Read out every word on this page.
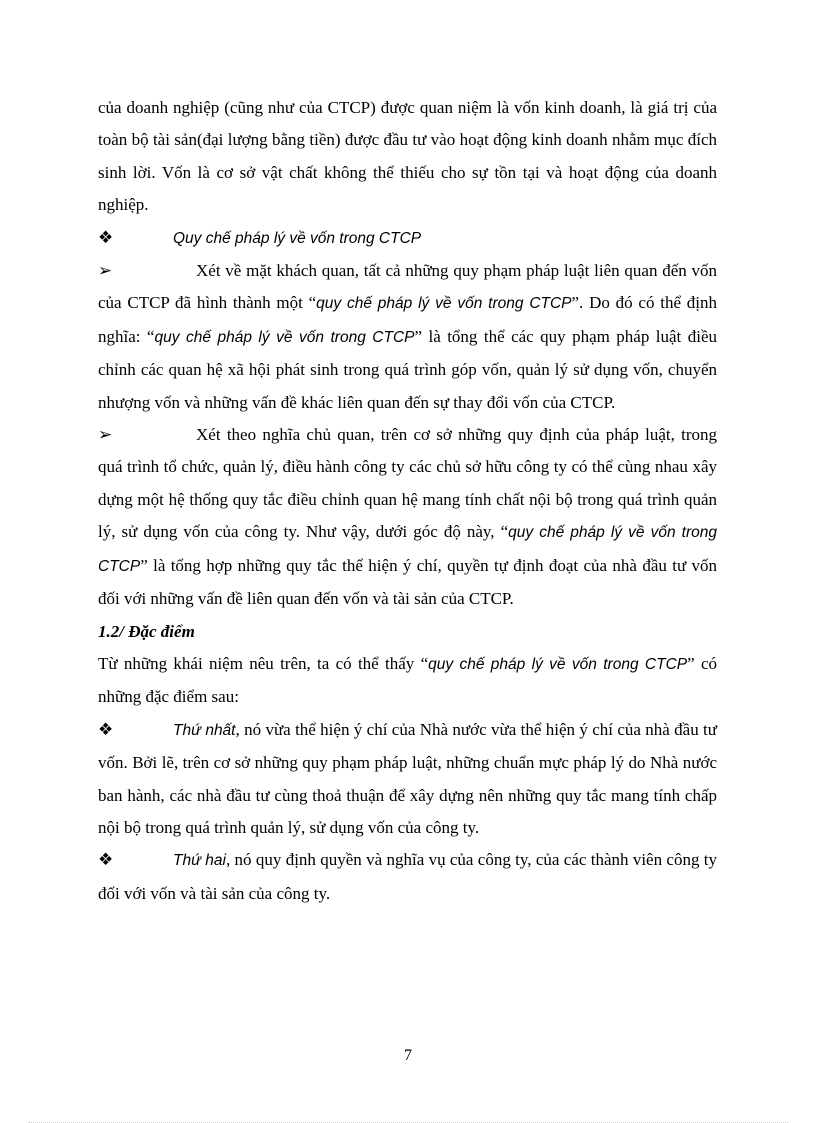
của doanh nghiệp (cũng như của CTCP) được quan niệm là vốn kinh doanh, là giá trị của toàn bộ tài sản(đại lượng bằng tiền) được đầu tư vào hoạt động kinh doanh nhằm mục đích sinh lời. Vốn là cơ sở vật chất không thể thiếu cho sự tồn tại và hoạt động của doanh nghiệp.

❖	Quy chế pháp lý về vốn trong CTCP

➢	Xét về mặt khách quan, tất cả những quy phạm pháp luật liên quan đến vốn của CTCP đã hình thành một “quy chế pháp lý về vốn trong CTCP”. Do đó có thể định nghĩa: “quy chế pháp lý về vốn trong CTCP” là tổng thể các quy phạm pháp luật điều chỉnh các quan hệ xã hội phát sinh trong quá trình góp vốn, quản lý sử dụng vốn, chuyển nhượng vốn và những vấn đề khác liên quan đến sự thay đổi vốn của CTCP.

➢	Xét theo nghĩa chủ quan, trên cơ sở những quy định của pháp luật, trong quá trình tổ chức, quản lý, điều hành công ty các chủ sở hữu công ty có thể cùng nhau xây dựng một hệ thống quy tắc điều chỉnh quan hệ mang tính chất nội bộ trong quá trình quản lý, sử dụng vốn của công ty. Như vậy, dưới góc độ này, “quy chế pháp lý về vốn trong CTCP” là tổng hợp những quy tắc thể hiện ý chí, quyền tự định đoạt của nhà đầu tư vốn đối với những vấn đề liên quan đến vốn và tài sản của CTCP.

1.2/ Đặc điểm

Từ những khái niệm nêu trên, ta có thể thấy “quy chế pháp lý về vốn trong CTCP” có những đặc điểm sau:

❖	Thứ nhất, nó vừa thể hiện ý chí của Nhà nước vừa thể hiện ý chí của nhà đầu tư vốn. Bởi lẽ, trên cơ sở những quy phạm pháp luật, những chuẩn mực pháp lý do Nhà nước ban hành, các nhà đầu tư cùng thoả thuận để xây dựng nên những quy tắc mang tính chấp nội bộ trong quá trình quản lý, sử dụng vốn của công ty.

❖	Thứ hai, nó quy định quyền và nghĩa vụ của công ty, của các thành viên công ty đối với vốn và tài sản của công ty.

7
